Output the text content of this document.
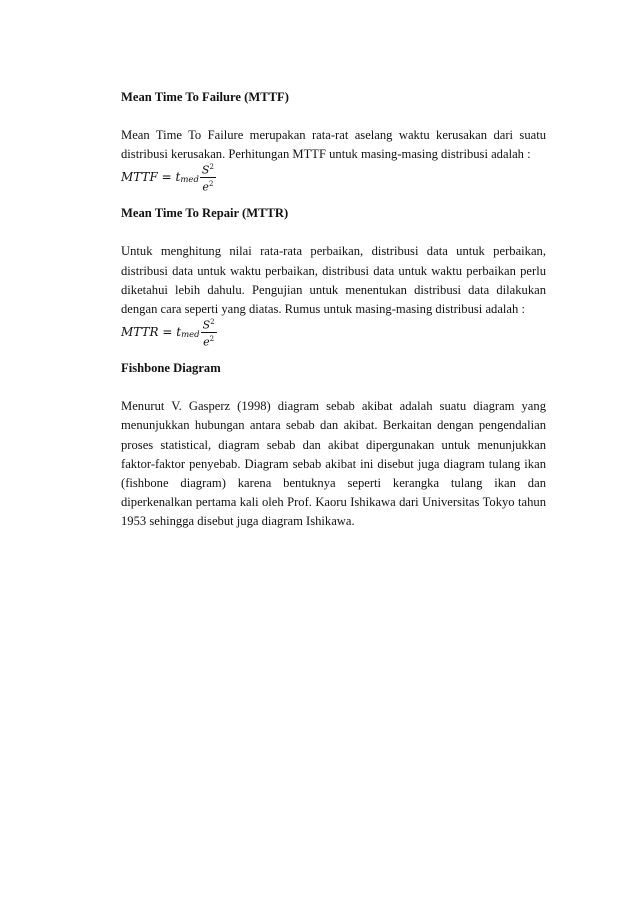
Mean Time To Failure (MTTF)

Mean Time To Failure merupakan rata-rat aselang waktu kerusakan dari suatu distribusi kerusakan. Perhitungan MTTF untuk masing-masing distribusi adalah :

MTTF = t med $\frac{S^2}{e^2}$

Mean Time To Repair (MTTR)

Untuk menghitung nilai rata-rata perbaikan, distribusi data untuk perbaikan, distribusi data untuk waktu perbaikan, distribusi data untuk waktu perbaikan perlu diketahui lebih dahulu. Pengujian untuk menentukan distribusi data dilakukan dengan cara seperti yang diatas. Rumus untuk masing-masing distribusi adalah :

MTTR = t med $\frac{S^2}{e^2}$

Fishbone Diagram

Menurut V. Gasperz (1998) diagram sebab akibat adalah suatu diagram yang menunjukkan hubungan antara sebab dan akibat. Berkaitan dengan pengendalian proses statistical, diagram sebab dan akibat dipergunakan untuk menunjukkan faktor-faktor penyebab. Diagram sebab akibat ini disebut juga diagram tulang ikan (fishbone diagram) karena bentuknya seperti kerangka tulang ikan dan diperkenalkan pertama kali oleh Prof. Kaoru Ishikawa dari Universitas Tokyo tahun 1953 sehingga disebut juga diagram Ishikawa.
